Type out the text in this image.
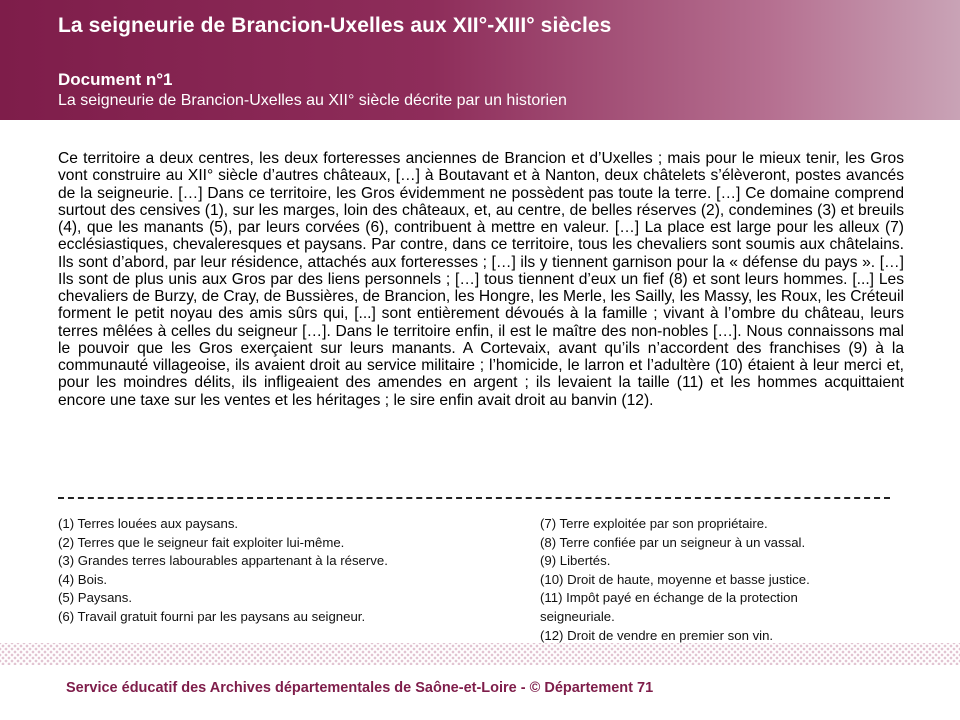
La seigneurie de Brancion-Uxelles aux XII°-XIII° siècles
Document n°1
La seigneurie de Brancion-Uxelles au XII° siècle décrite par un historien

Ce territoire a deux centres, les deux forteresses anciennes de Brancion et d’Uxelles ; mais pour le mieux tenir, les Gros vont construire au XII° siècle d’autres châteaux, […] à Boutavant et à Nanton, deux châtelets s’élèveront, postes avancés de la seigneurie. […] Dans ce territoire, les Gros évidemment ne possèdent pas toute la terre. […] Ce domaine comprend surtout des censives (1), sur les marges, loin des châteaux, et, au centre, de belles réserves (2), condemines (3) et breuils (4), que les manants (5), par leurs corvées (6), contribuent à mettre en valeur. […] La place est large pour les alleux (7) ecclésiastiques, chevaleresques et paysans. Par contre, dans ce territoire, tous les chevaliers sont soumis aux châtelains. Ils sont d’abord, par leur résidence, attachés aux forteresses ; […] ils y tiennent garnison pour la « défense du pays ». […] Ils sont de plus unis aux Gros par des liens personnels ; […] tous tiennent d’eux un fief (8) et sont leurs hommes. [...] Les chevaliers de Burzy, de Cray, de Bussières, de Brancion, les Hongre, les Merle, les Sailly, les Massy, les Roux, les Créteuil forment le petit noyau des amis sûrs qui, [...] sont entièrement dévoués à la famille ; vivant à l’ombre du château, leurs terres mêlées à celles du seigneur […]. Dans le territoire enfin, il est le maître des non-nobles […]. Nous connaissons mal le pouvoir que les Gros exerçaient sur leurs manants. A Cortevaix, avant qu’ils n’accordent des franchises (9) à la communauté villageoise, ils avaient droit au service militaire ; l’homicide, le larron et l’adultère (10) étaient à leur merci et, pour les moindres délits, ils infligeaient des amendes en argent ; ils levaient la taille (11) et les hommes acquittaient encore une taxe sur les ventes et les héritages ; le sire enfin avait droit au banvin (12).

(1) Terres louées aux paysans.
(2) Terres que le seigneur fait exploiter lui-même.
(3) Grandes terres labourables appartenant à la réserve.
(4) Bois.
(5) Paysans.
(6) Travail gratuit fourni par les paysans au seigneur.
(7) Terre exploitée par son propriétaire.
(8) Terre confiée par un seigneur à un vassal.
(9) Libertés.
(10) Droit de haute, moyenne et basse justice.
(11) Impôt payé en échange de la protection
seigneuriale.
(12) Droit de vendre en premier son vin.
Service éducatif des Archives départementales de Saône-et-Loire - © Département 71
